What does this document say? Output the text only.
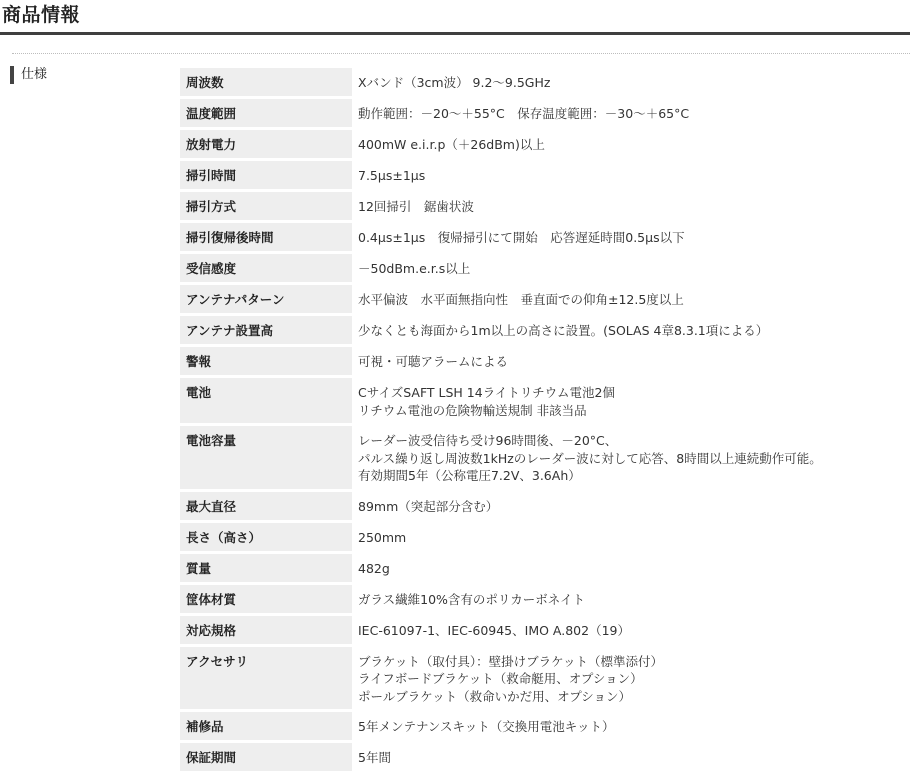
商品情報
仕様
周波数	Xバンド（3cm波） 9.2～9.5GHz

温度範囲	動作範囲：－20～＋55°C　保存温度範囲：－30～＋65°C

放射電力	400mW e.i.r.p（＋26dBm)以上

掃引時間	7.5μs±1μs

掃引方式	12回掃引　鋸歯状波

掃引復帰後時間	0.4μs±1μs　復帰掃引にて開始　応答遅延時間0.5μs以下

受信感度	－50dBm.e.r.s以上

アンテナパターン	水平偏波　水平面無指向性　垂直面での仰角±12.5度以上

アンテナ設置高	少なくとも海面から1m以上の高さに設置。(SOLAS 4章8.3.1項による）

警報	可視・可聴アラームによる

電池	CサイズSAFT LSH 14ライトリチウム電池2個
リチウム電池の危険物輸送規制 非該当品

電池容量	レーダー波受信待ち受け96時間後、－20°C、
パルス繰り返し周波数1kHzのレーダー波に対して応答、8時間以上連続動作可能。
有効期間5年（公称電圧7.2V、3.6Ah）

最大直径	89mm（突起部分含む）

長さ（高さ）	250mm

質量	482g

筐体材質	ガラス繊維10%含有のポリカーボネイト

対応規格	IEC-61097-1、IEC-60945、IMO A.802（19）

アクセサリ	ブラケット（取付具）：壁掛けブラケット（標準添付）
ライフボードブラケット（救命艇用、オプション）
ポールブラケット（救命いかだ用、オプション）

補修品	5年メンテナンスキット（交換用電池キット）

保証期間	5年間
